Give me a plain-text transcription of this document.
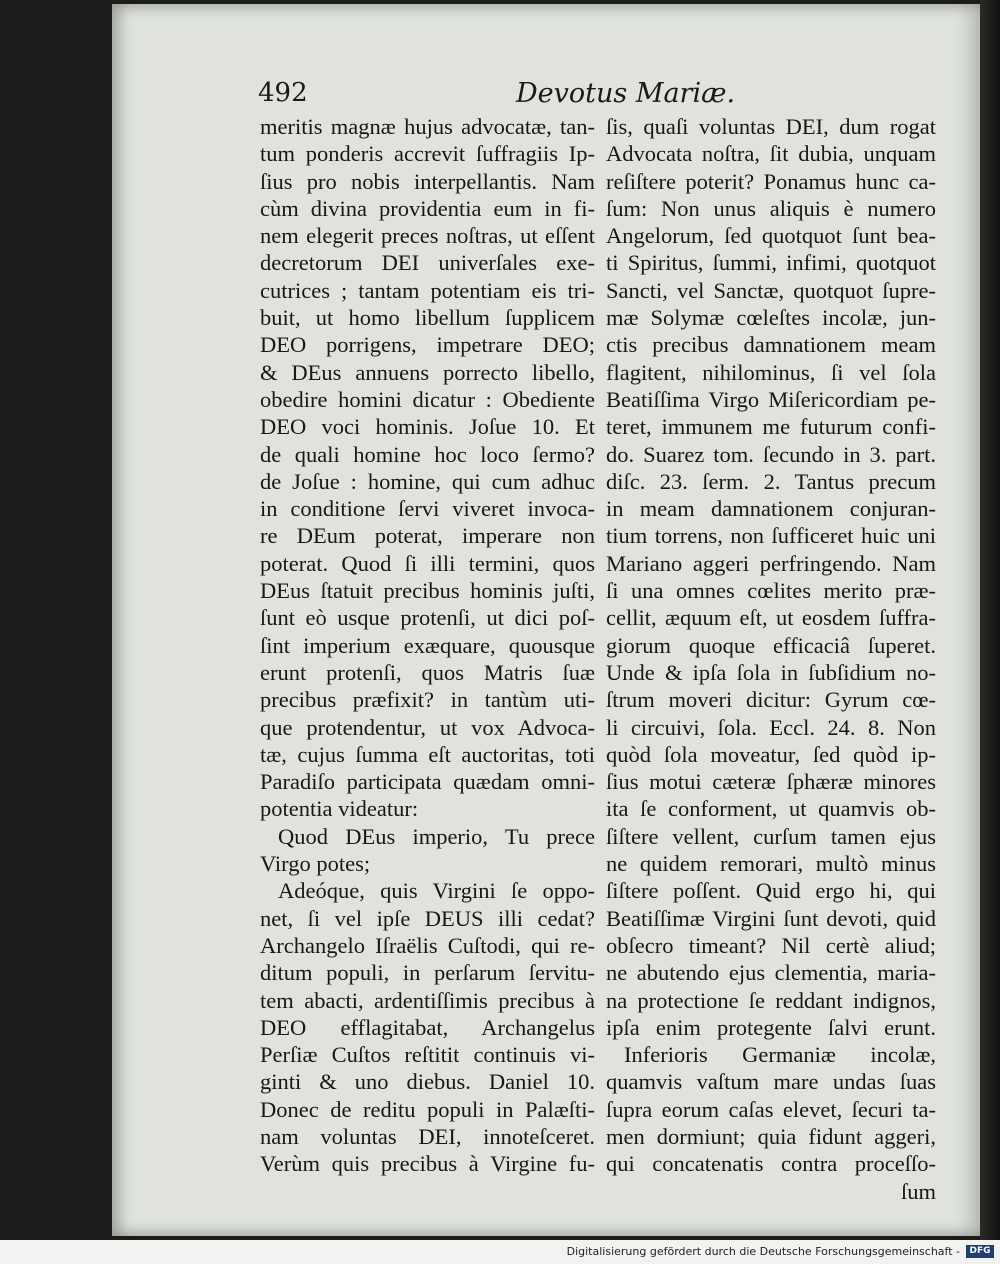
492	Devotus Mariæ.
meritis magnæ hujus advocatæ, tan-
tum ponderis accrevit ſuffragiis Ip-
ſius pro nobis interpellantis. Nam
cùm divina providentia eum in fi-
nem elegerit preces noſtras, ut eſſent
decretorum DEI univerſales exe-
cutrices ; tantam potentiam eis tri-
buit, ut homo libellum ſupplicem
DEO porrigens, impetrare DEO;
& DEus annuens porrecto libello,
obedire homini dicatur : Obediente
DEO voci hominis. Joſue 10. Et
de quali homine hoc loco ſermo?
de Joſue : homine, qui cum adhuc
in conditione ſervi viveret invoca-
re DEum poterat, imperare non
poterat. Quod ſi illi termini, quos
DEus ſtatuit precibus hominis juſti,
ſunt eò usque protenſi, ut dici poſ-
ſint imperium exæquare, quousque
erunt protenſi, quos Matris ſuæ
precibus præfixit? in tantùm uti-
que protendentur, ut vox Advoca-
tæ, cujus ſumma eſt auctoritas, toti
Paradiſo participata quædam omni-
potentia videatur:
Quod DEus imperio, Tu prece
Virgo potes;
Adeóque, quis Virgini ſe oppo-
net, ſi vel ipſe DEUS illi cedat?
Archangelo Iſraëlis Cuſtodi, qui re-
ditum populi, in perſarum ſervitu-
tem abacti, ardentiſſimis precibus à
DEO efflagitabat, Archangelus
Perſiæ Cuſtos reſtitit continuis vi-
ginti & uno diebus. Daniel 10.
Donec de reditu populi in Palæſti-
nam voluntas DEI, innoteſceret.
Verùm quis precibus à Virgine fu-
ſis, quaſi voluntas DEI, dum rogat
Advocata noſtra, ſit dubia, unquam
reſiſtere poterit? Ponamus hunc ca-
ſum: Non unus aliquis è numero
Angelorum, ſed quotquot ſunt bea-
ti Spiritus, ſummi, infimi, quotquot
Sancti, vel Sanctæ, quotquot ſupre-
mæ Solymæ cœleſtes incolæ, jun-
ctis precibus damnationem meam
flagitent, nihilominus, ſi vel ſola
Beatiſſima Virgo Miſericordiam pe-
teret, immunem me futurum confi-
do. Suarez tom. ſecundo in 3. part.
diſc. 23. ſerm. 2. Tantus precum
in meam damnationem conjuran-
tium torrens, non ſufficeret huic uni
Mariano aggeri perfringendo. Nam
ſi una omnes cœlites merito præ-
cellit, æquum eſt, ut eosdem ſuffra-
giorum quoque efficaciâ ſuperet.
Unde & ipſa ſola in ſubſidium no-
ſtrum moveri dicitur: Gyrum cœ-
li circuivi, ſola. Eccl. 24. 8. Non
quòd ſola moveatur, ſed quòd ip-
ſius motui cæteræ ſphæræ minores
ita ſe conforment, ut quamvis ob-
ſiſtere vellent, curſum tamen ejus
ne quidem remorari, multò minus
ſiſtere poſſent. Quid ergo hi, qui
Beatiſſimæ Virgini ſunt devoti, quid
obſecro timeant? Nil certè aliud;
ne abutendo ejus clementia, maria-
na protectione ſe reddant indignos,
ipſa enim protegente ſalvi erunt.
Inferioris Germaniæ incolæ,
quamvis vaſtum mare undas ſuas
ſupra eorum caſas elevet, ſecuri ta-
men dormiunt; quia fidunt aggeri,
qui concatenatis contra proceſſo-
ſum
Digitalisierung gefördert durch die Deutsche Forschungsgemeinschaft -	DFG
